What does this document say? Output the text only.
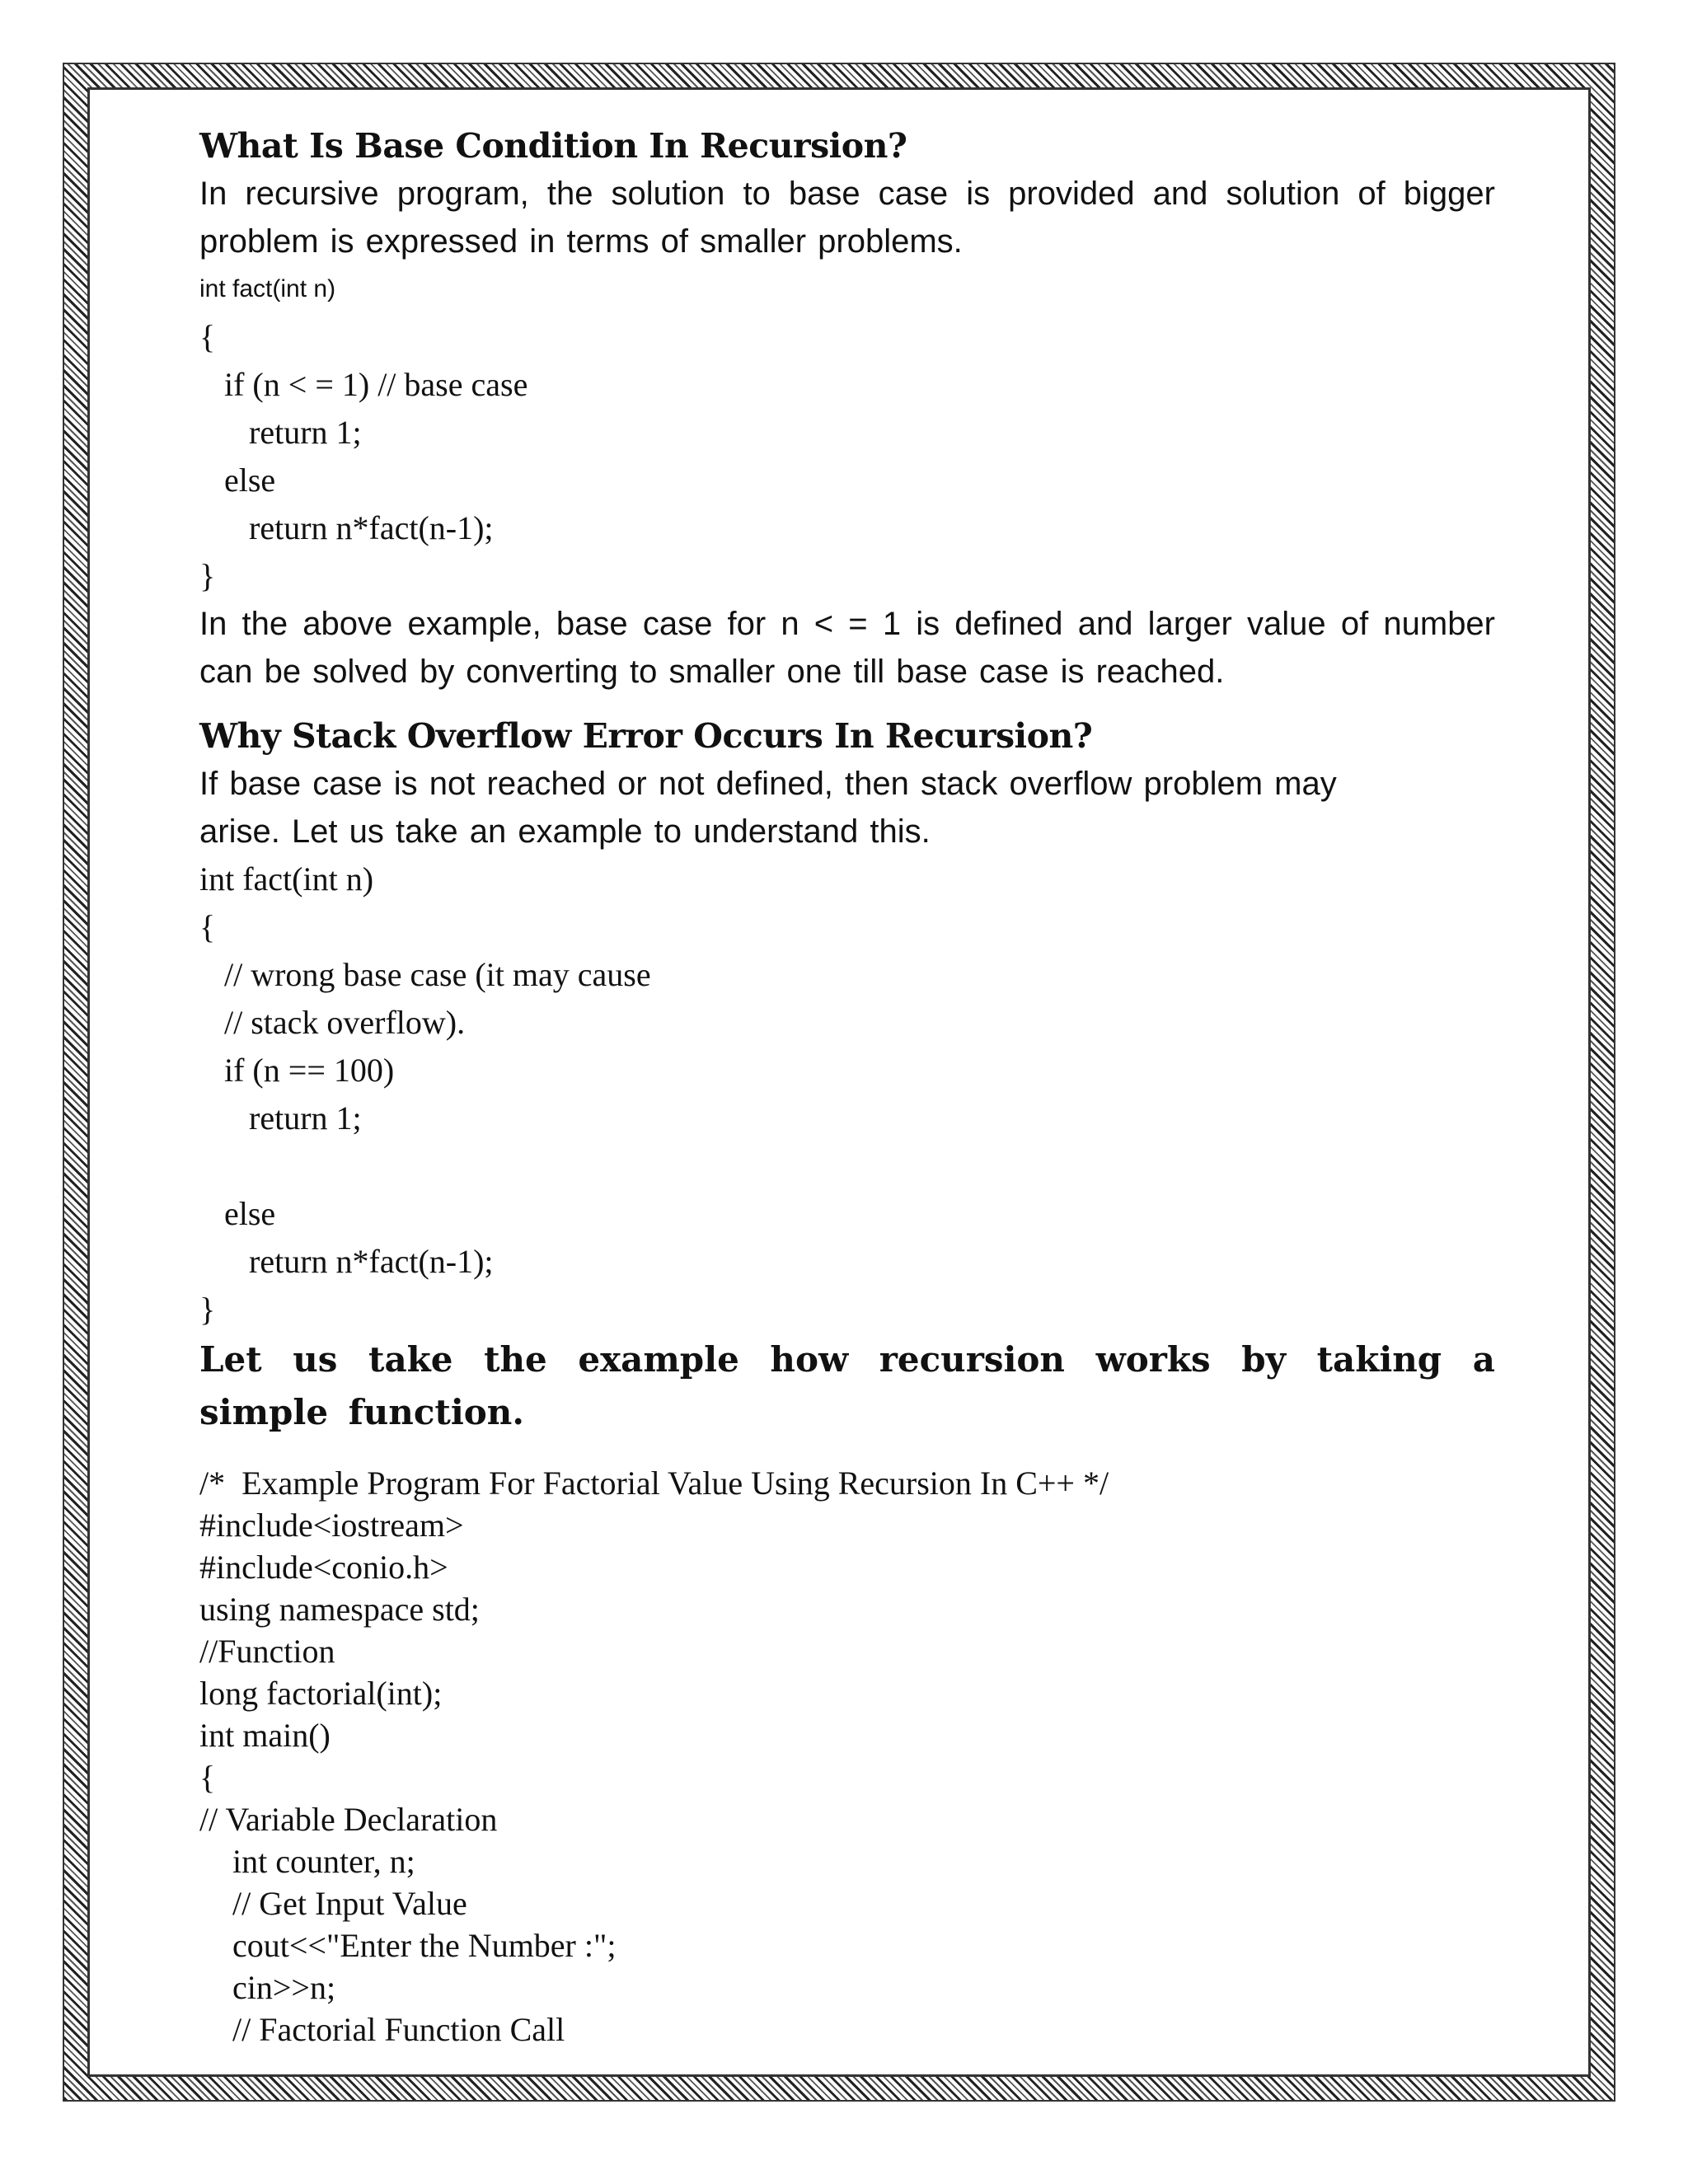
What Is Base Condition In Recursion?

In recursive program, the solution to base case is provided and solution of bigger problem is expressed in terms of smaller problems.

int fact(int n)
{
if (n < = 1) // base case
return 1;
else
return n*fact(n-1);
}

In the above example, base case for n < = 1 is defined and larger value of number can be solved by converting to smaller one till base case is reached.

Why Stack Overflow Error Occurs In Recursion?

If base case is not reached or not defined, then stack overflow problem may arise. Let us take an example to understand this.

int fact(int n)
{
// wrong base case (it may cause
// stack overflow).
if (n == 100)
return 1;
else
return n*fact(n-1);
}

Let us take the example how recursion works by taking a simple function.

/*  Example Program For Factorial Value Using Recursion In C++ */
#include<iostream>
#include<conio.h>
using namespace std;
//Function
long factorial(int);
int main()
{
// Variable Declaration
int counter, n;
// Get Input Value
cout<<"Enter the Number :";
cin>>n;
// Factorial Function Call
